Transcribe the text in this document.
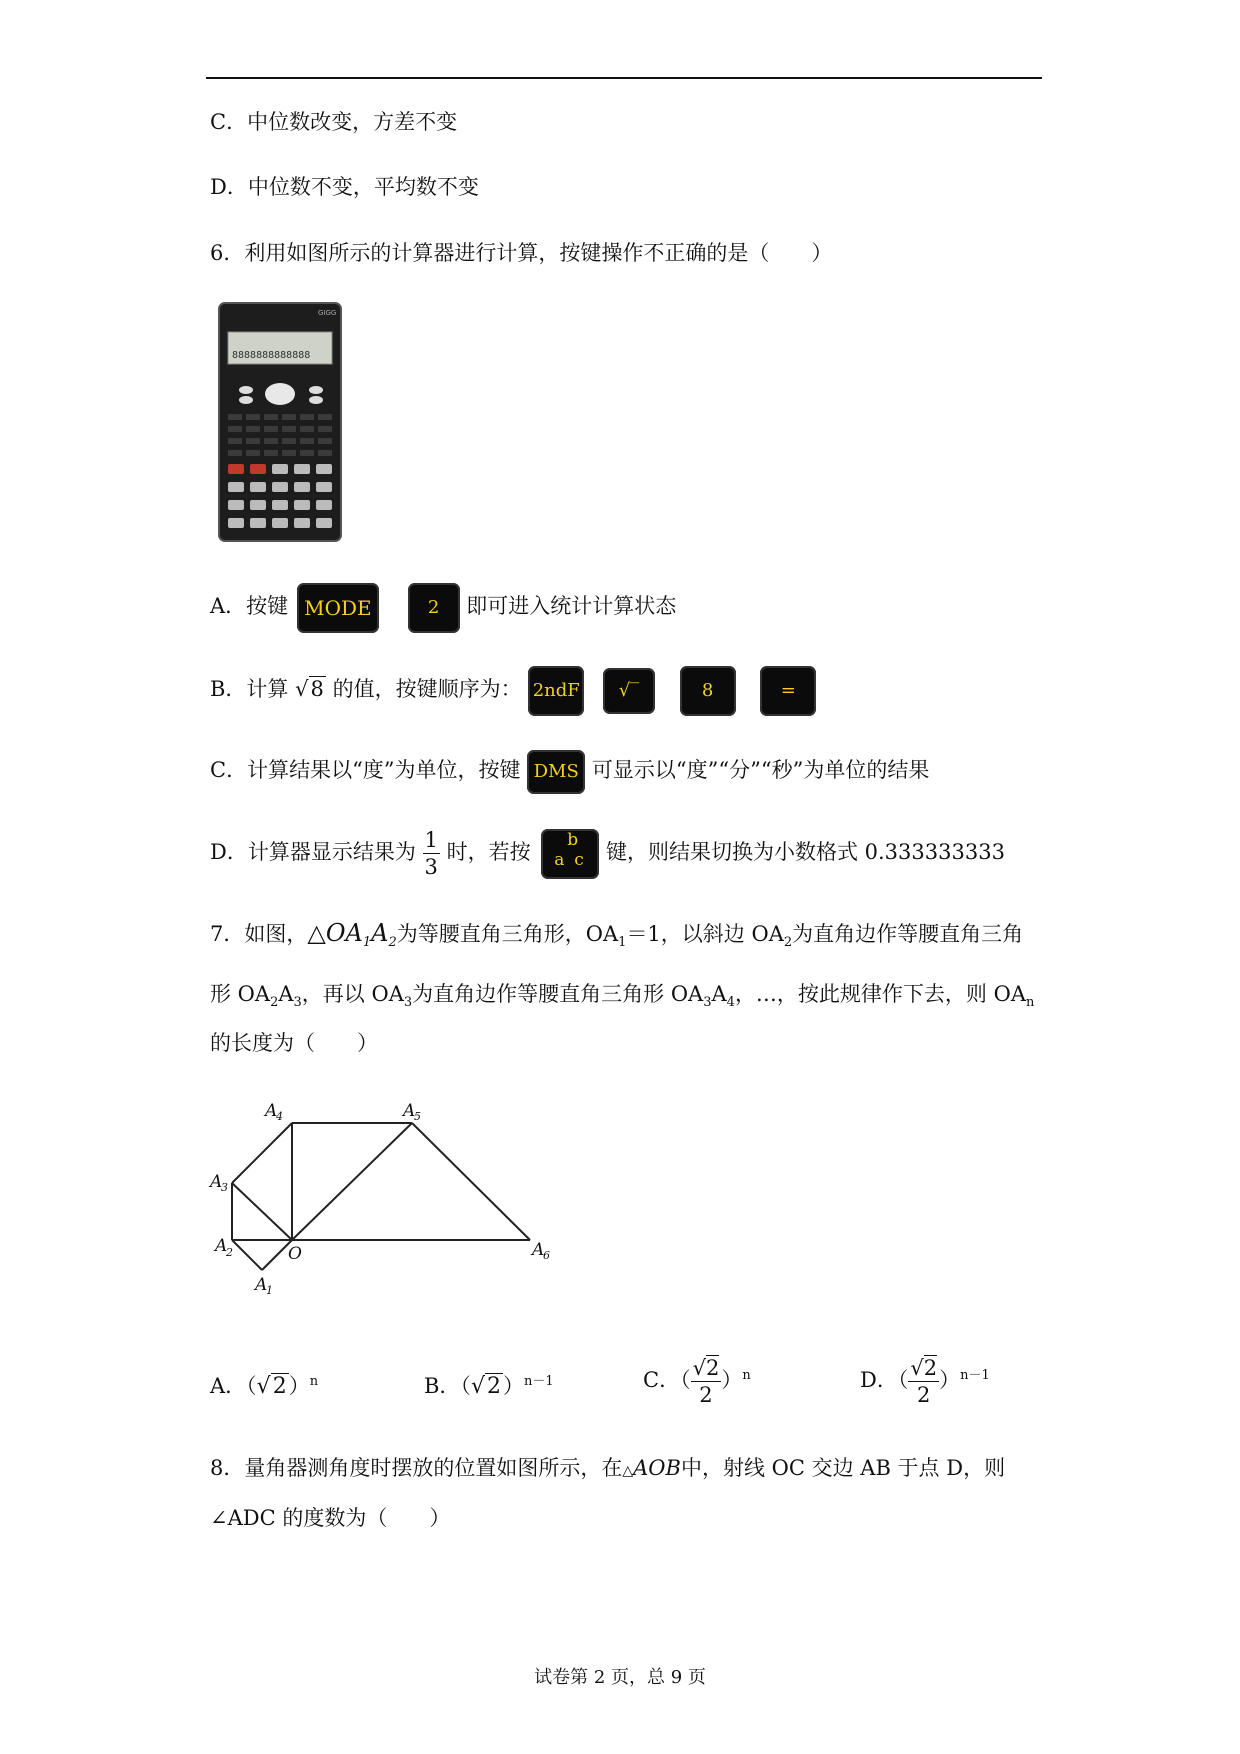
C．中位数改变，方差不变
D．中位数不变，平均数不变
6．利用如图所示的计算器进行计算，按键操作不正确的是（　　）
GIGG
8888888888888
A．按键 MODE	2 即可进入统计计算状态
B．计算 √8 的值，按键顺序为： 2ndF √‾	8	=
C．计算结果以“度”为单位，按键 DMS 可显示以“度”“分”“秒”为单位的结果
D．计算器显示结果为 $\frac{1}{3}$ 时，若按
b
a c 键，则结果切换为小数格式 0.333333333
7．如图，$\triangle OA_1A_2$为等腰直角三角形，$OA_1=1$，以斜边 $OA_2$为直角边作等腰直角三角
形 $OA_2A_3$，再以 $OA_3$为直角边作等腰直角三角形 $OA_3A_4$，…，按此规律作下去，则 $OA_n$
的长度为（　　）
A
1
A
2
A
3
A
4	A
5
A
6
O
A．$(√2)^n$	B．$(√2)^{n-1}$	C．（ $\frac{√2}{2} )^n$	D．（ $\frac{√2}{2} )^{n-1}$
8．量角器测角度时摆放的位置如图所示，在△AOB中，射线 OC 交边 AB 于点 D，则
∠ADC 的度数为（　　）
试卷第 2 页，总 9 页
